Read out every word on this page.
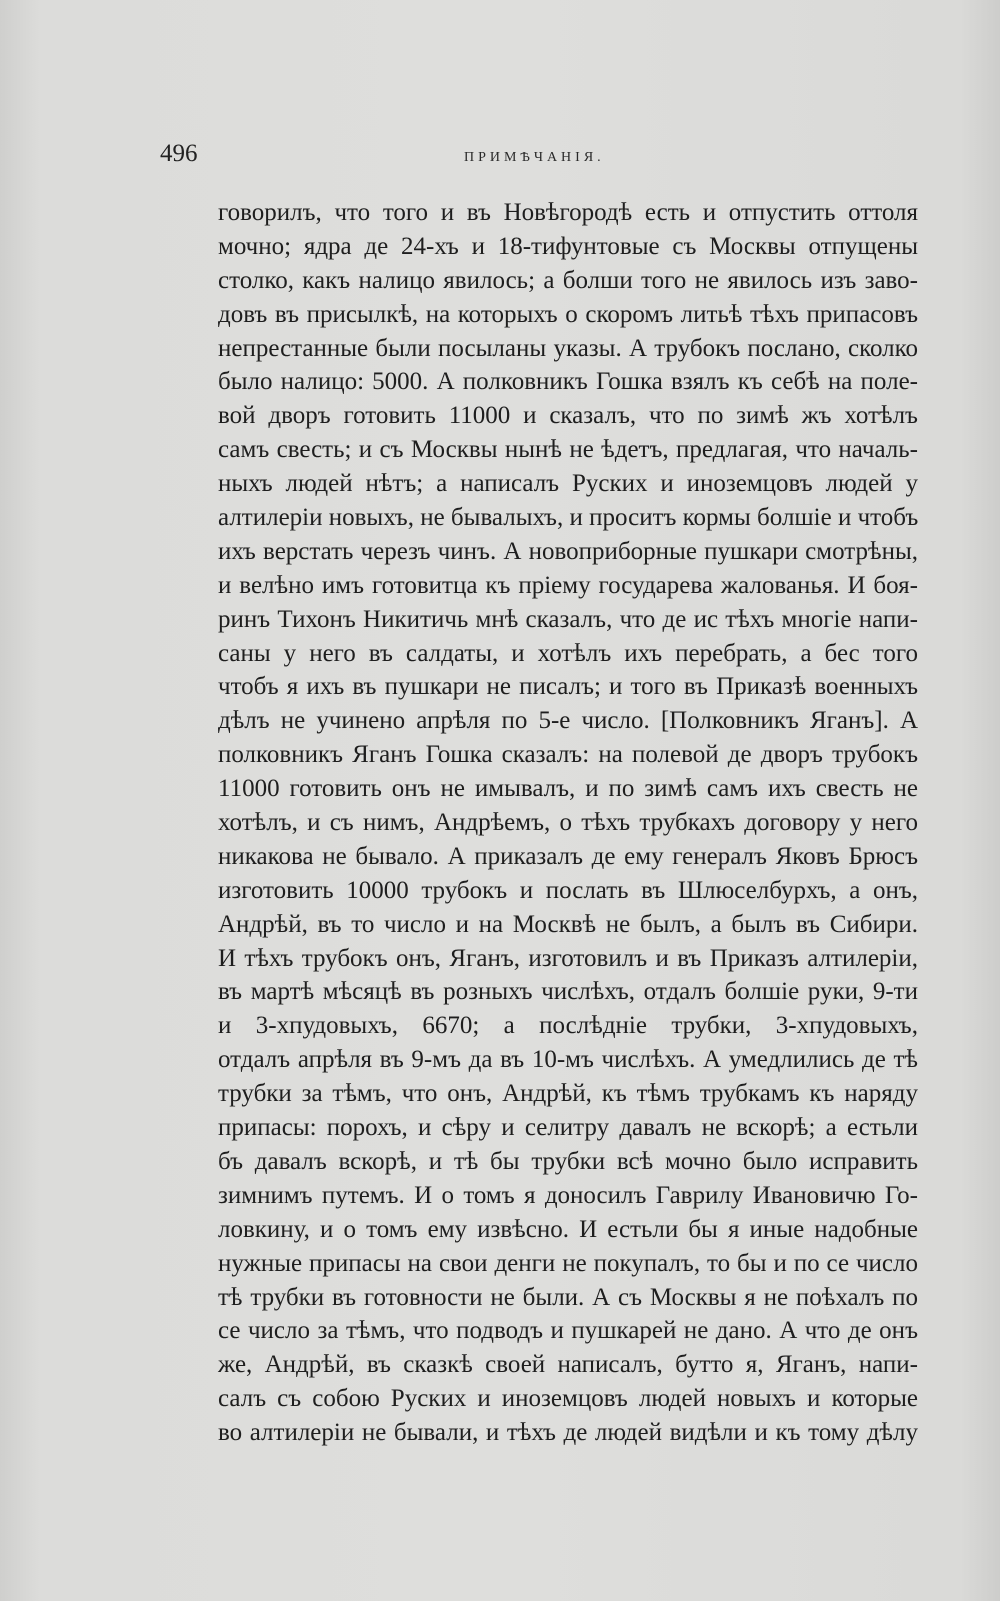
496	ПРИМѢЧАНІЯ.
говорилъ, что того и въ Новѣгородѣ есть и отпустить оттоля
мочно; ядра де 24-хъ и 18-тифунтовые съ Москвы отпущены
столко, какъ налицо явилось; а болши того не явилось изъ заво-
довъ въ присылкѣ, на которыхъ о скоромъ литьѣ тѣхъ припасовъ
непрестанные были посыланы указы. А трубокъ послано, сколко
было налицо: 5000. А полковникъ Гошка взялъ къ себѣ на поле-
вой дворъ готовить 11000 и сказалъ, что по зимѣ жъ хотѣлъ
самъ свесть; и съ Москвы нынѣ не ѣдетъ, предлагая, что началь-
ныхъ людей нѣтъ; а написалъ Руских и иноземцовъ людей у
алтилеріи новыхъ, не бывалыхъ, и проситъ кормы болшіе и чтобъ
ихъ верстать черезъ чинъ. А новоприборные пушкари смотрѣны,
и велѣно имъ готовитца къ пріему государева жалованья. И боя-
ринъ Тихонъ Никитичь мнѣ сказалъ, что де ис тѣхъ многіе напи-
саны у него въ салдаты, и хотѣлъ ихъ перебрать, а бес того
чтобъ я ихъ въ пушкари не писалъ; и того въ Приказѣ военныхъ
дѣлъ не учинено апрѣля по 5-е число. [Полковникъ Яганъ]. А
полковникъ Яганъ Гошка сказалъ: на полевой де дворъ трубокъ
11000 готовить онъ не имывалъ, и по зимѣ самъ ихъ свесть не
хотѣлъ, и съ нимъ, Андрѣемъ, о тѣхъ трубкахъ договору у него
никакова не бывало. А приказалъ де ему генералъ Яковъ Брюсъ
изготовить 10000 трубокъ и послать въ Шлюселбурхъ, а онъ,
Андрѣй, въ то число и на Москвѣ не былъ, а былъ въ Сибири.
И тѣхъ трубокъ онъ, Яганъ, изготовилъ и въ Приказъ алтилеріи,
въ мартѣ мѣсяцѣ въ розныхъ числѣхъ, отдалъ болшіе руки, 9-ти
и 3-хпудовыхъ, 6670; а послѣдніе трубки, 3-хпудовыхъ,
отдалъ апрѣля въ 9-мъ да въ 10-мъ числѣхъ. А умедлились де тѣ
трубки за тѣмъ, что онъ, Андрѣй, къ тѣмъ трубкамъ къ наряду
припасы: порохъ, и сѣру и селитру давалъ не вскорѣ; а естьли
бъ давалъ вскорѣ, и тѣ бы трубки всѣ мочно было исправить
зимнимъ путемъ. И о томъ я доносилъ Гаврилу Ивановичю Го-
ловкину, и о томъ ему извѣсно. И естьли бы я иные надобные
нужные припасы на свои денги не покупалъ, то бы и по се число
тѣ трубки въ готовности не были. А съ Москвы я не поѣхалъ по
се число за тѣмъ, что подводъ и пушкарей не дано. А что де онъ
же, Андрѣй, въ сказкѣ своей написалъ, бутто я, Яганъ, напи-
салъ съ собою Руских и иноземцовъ людей новыхъ и которые
во алтилеріи не бывали, и тѣхъ де людей видѣли и къ тому дѣлу
